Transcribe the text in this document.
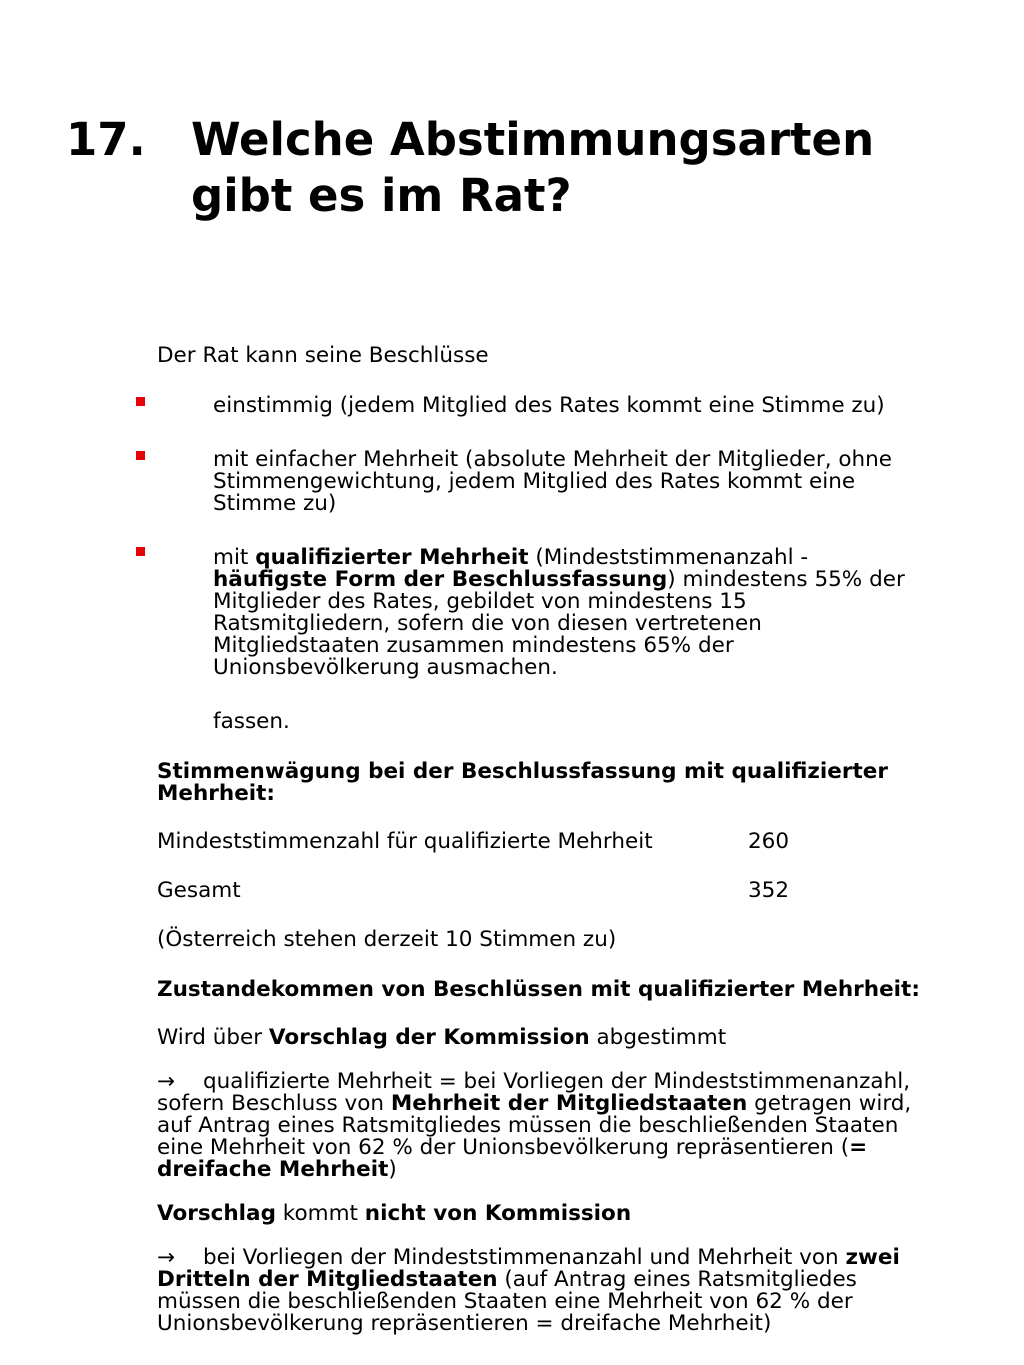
17. Welche Abstimmungsarten
gibt es im Rat?
Der Rat kann seine Beschlüsse
einstimmig (jedem Mitglied des Rates kommt eine Stimme zu)
mit einfacher Mehrheit (absolute Mehrheit der Mitglieder, ohne
Stimmengewichtung, jedem Mitglied des Rates kommt eine
Stimme zu)
mit qualifizierter Mehrheit (Mindeststimmenanzahl -
häufigste Form der Beschlussfassung) mindestens 55% der
Mitglieder des Rates, gebildet von mindestens 15
Ratsmitgliedern, sofern die von diesen vertretenen
Mitgliedstaaten zusammen mindestens 65% der
Unionsbevölkerung ausmachen.
fassen.
Stimmenwägung bei der Beschlussfassung mit qualifizierter
Mehrheit:
Mindeststimmenzahl für qualifizierte Mehrheit	260
Gesamt	352
(Österreich stehen derzeit 10 Stimmen zu)
Zustandekommen von Beschlüssen mit qualifizierter Mehrheit:
Wird über Vorschlag der Kommission abgestimmt
→ qualifizierte Mehrheit = bei Vorliegen der Mindeststimmenanzahl,
sofern Beschluss von Mehrheit der Mitgliedstaaten getragen wird,
auf Antrag eines Ratsmitgliedes müssen die beschließenden Staaten
eine Mehrheit von 62 % der Unionsbevölkerung repräsentieren (=
dreifache Mehrheit)
Vorschlag kommt nicht von Kommission
→ bei Vorliegen der Mindeststimmenanzahl und Mehrheit von zwei
Dritteln der Mitgliedstaaten (auf Antrag eines Ratsmitgliedes
müssen die beschließenden Staaten eine Mehrheit von 62 % der
Unionsbevölkerung repräsentieren = dreifache Mehrheit)
